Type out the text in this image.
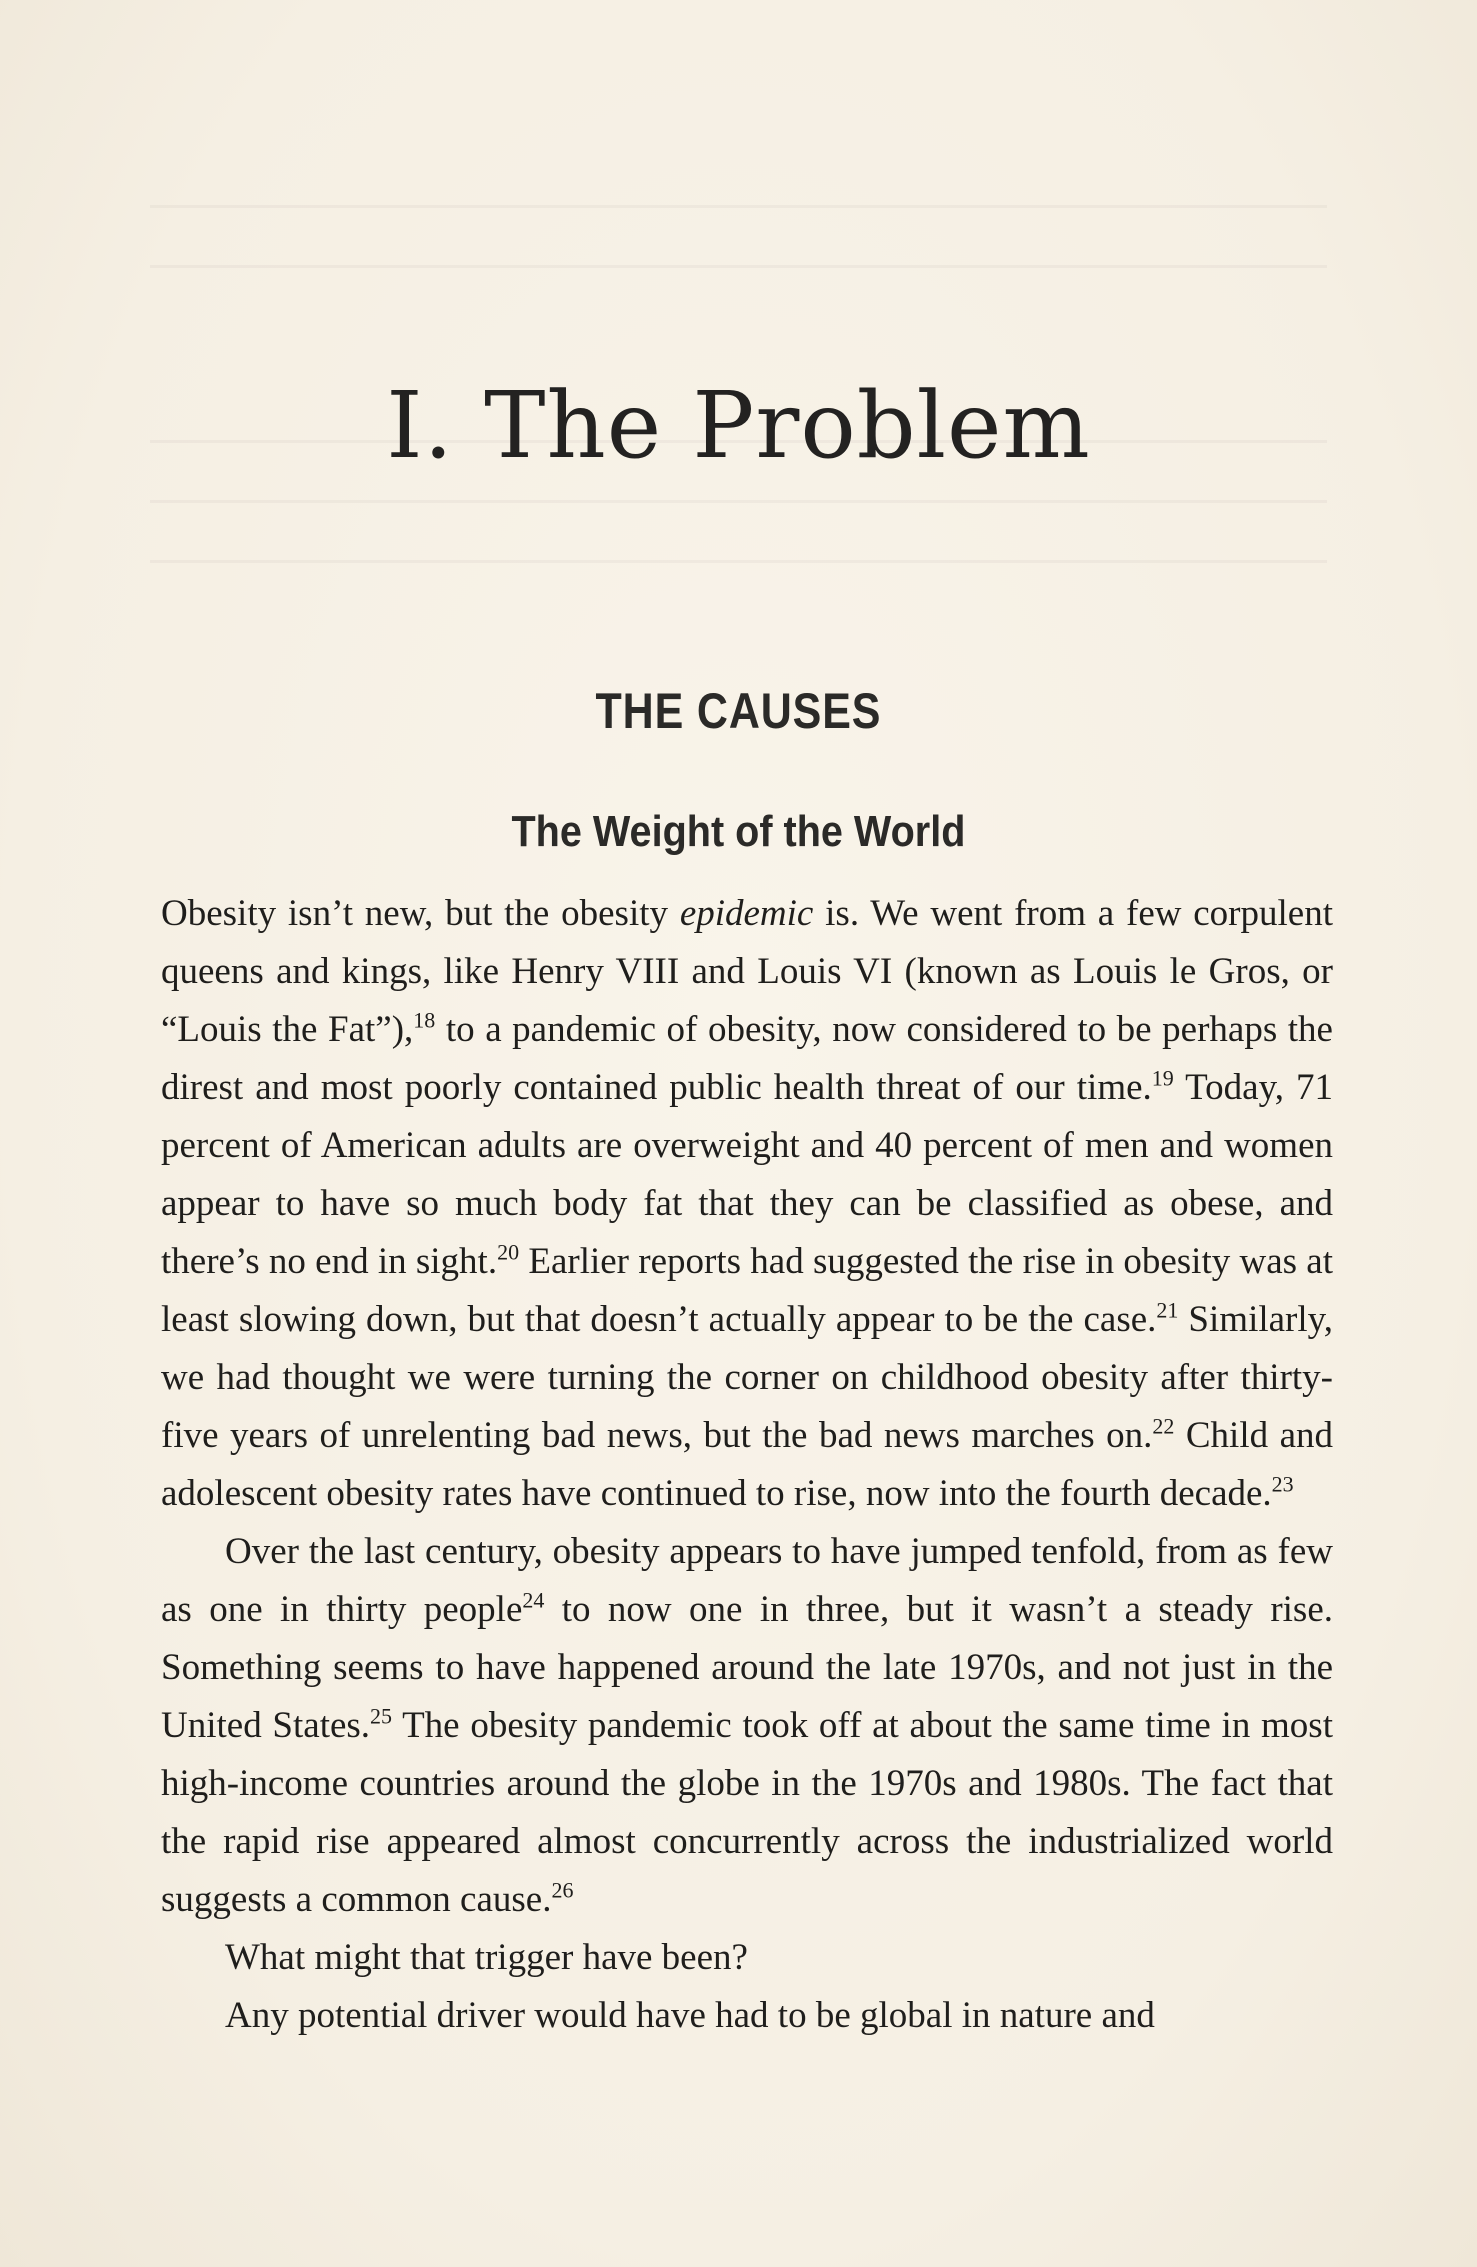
I. The Problem
THE CAUSES
The Weight of the World

Obesity isn’t new, but the obesity epidemic is. We went from a few corpulent queens and kings, like Henry VIII and Louis VI (known as Louis le Gros, or “Louis the Fat”),$^{18}$ to a pandemic of obesity, now considered to be perhaps the direst and most poorly contained public health threat of our time.$^{19}$ Today, 71 percent of American adults are overweight and 40 percent of men and women appear to have so much body fat that they can be classified as obese, and there’s no end in sight.$^{20}$ Earlier reports had suggested the rise in obesity was at least slowing down, but that doesn’t actually appear to be the case.$^{21}$ Similarly, we had thought we were turning the corner on childhood obesity after thirty-five years of unrelenting bad news, but the bad news marches on.$^{22}$ Child and adolescent obesity rates have continued to rise, now into the fourth decade.$^{23}$

Over the last century, obesity appears to have jumped tenfold, from as few as one in thirty people$^{24}$ to now one in three, but it wasn’t a steady rise. Something seems to have happened around the late 1970s, and not just in the United States.$^{25}$ The obesity pandemic took off at about the same time in most high-income countries around the globe in the 1970s and 1980s. The fact that the rapid rise appeared almost concurrently across the industrialized world suggests a common cause.$^{26}$

What might that trigger have been?

Any potential driver would have had to be global in nature and
